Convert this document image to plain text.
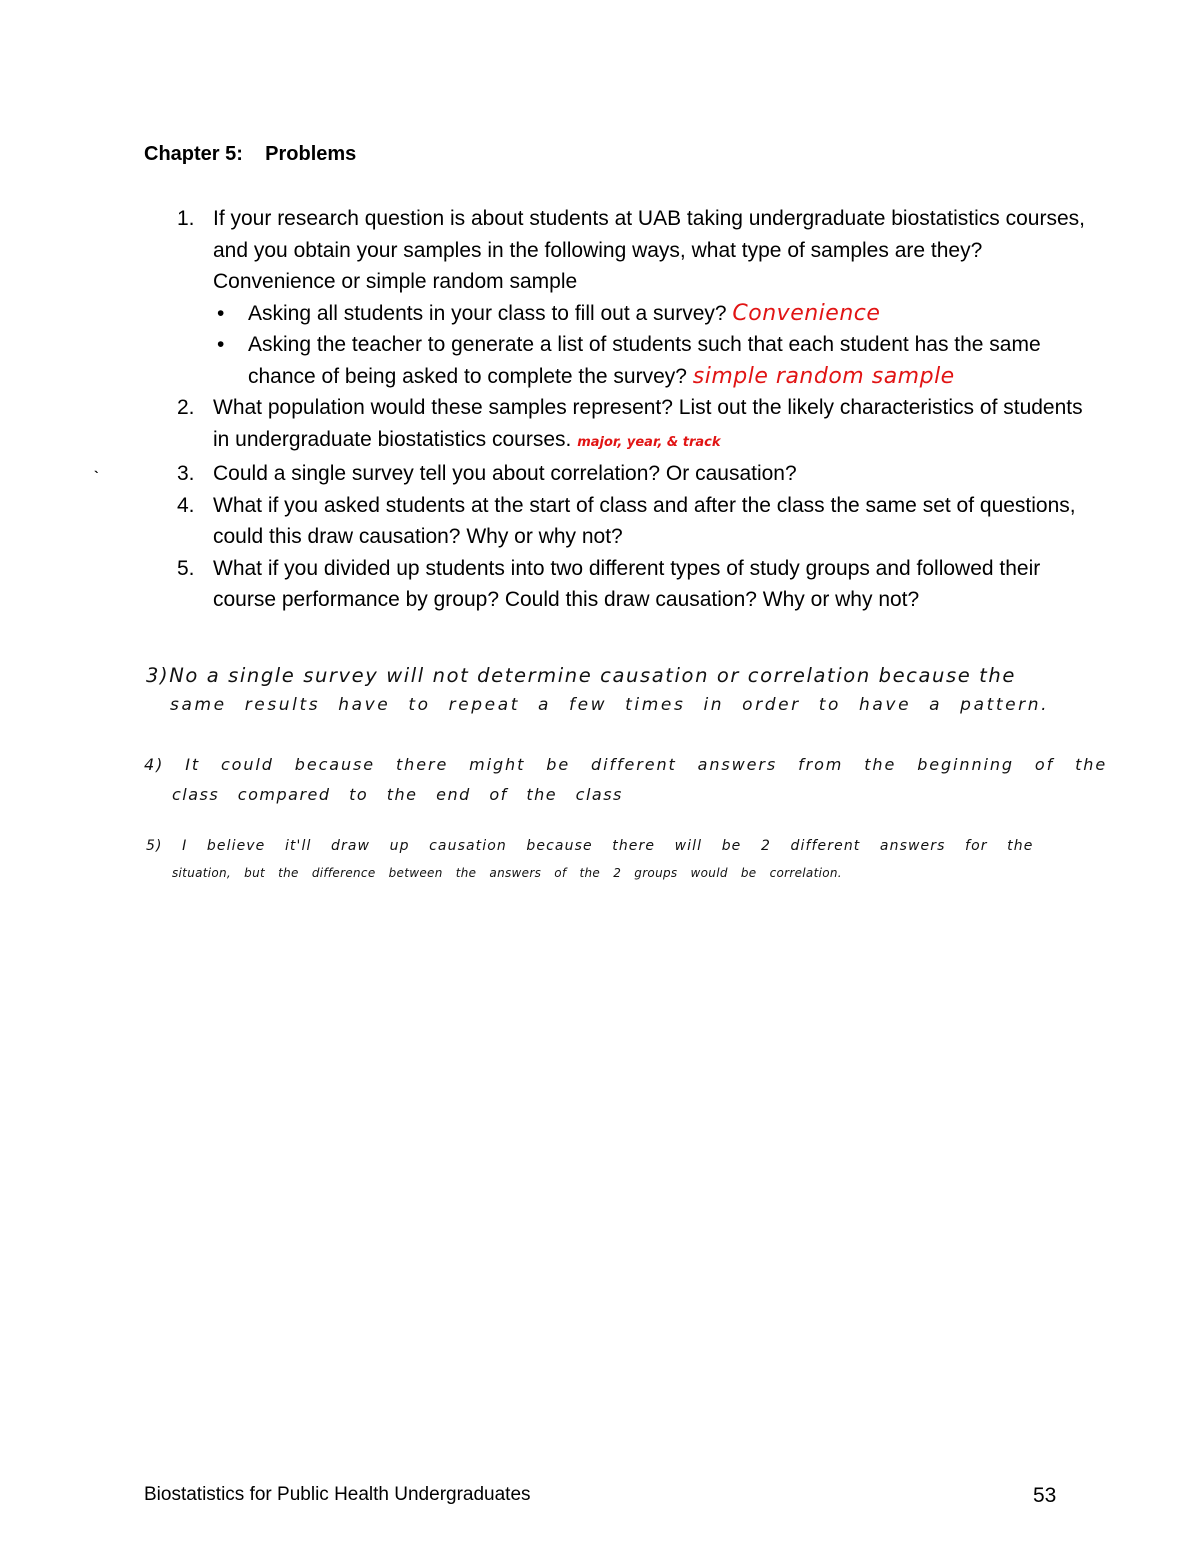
Chapter 5:    Problems
`
1. If your research question is about students at UAB taking undergraduate biostatistics courses, and you obtain your samples in the following ways, what type of samples are they? Convenience or simple random sample
• Asking all students in your class to fill out a survey? Convenience
• Asking the teacher to generate a list of students such that each student has the same chance of being asked to complete the survey? simple random sample
2. What population would these samples represent? List out the likely characteristics of students in undergraduate biostatistics courses. major, year, & track
3. Could a single survey tell you about correlation? Or causation?
4. What if you asked students at the start of class and after the class the same set of questions, could this draw causation? Why or why not?
5. What if you divided up students into two different types of study groups and followed their course performance by group? Could this draw causation? Why or why not?
3)No a single survey will not determine causation or correlation because the
same results have to repeat a few times in order to have a pattern.
4) It could because there might be different answers from the beginning of the
class compared to the end of the class
5) I believe it'll draw up causation because there will be 2 different answers for the
situation, but the difference between the answers of the 2 groups would be correlation.
Biostatistics for Public Health Undergraduates	53
